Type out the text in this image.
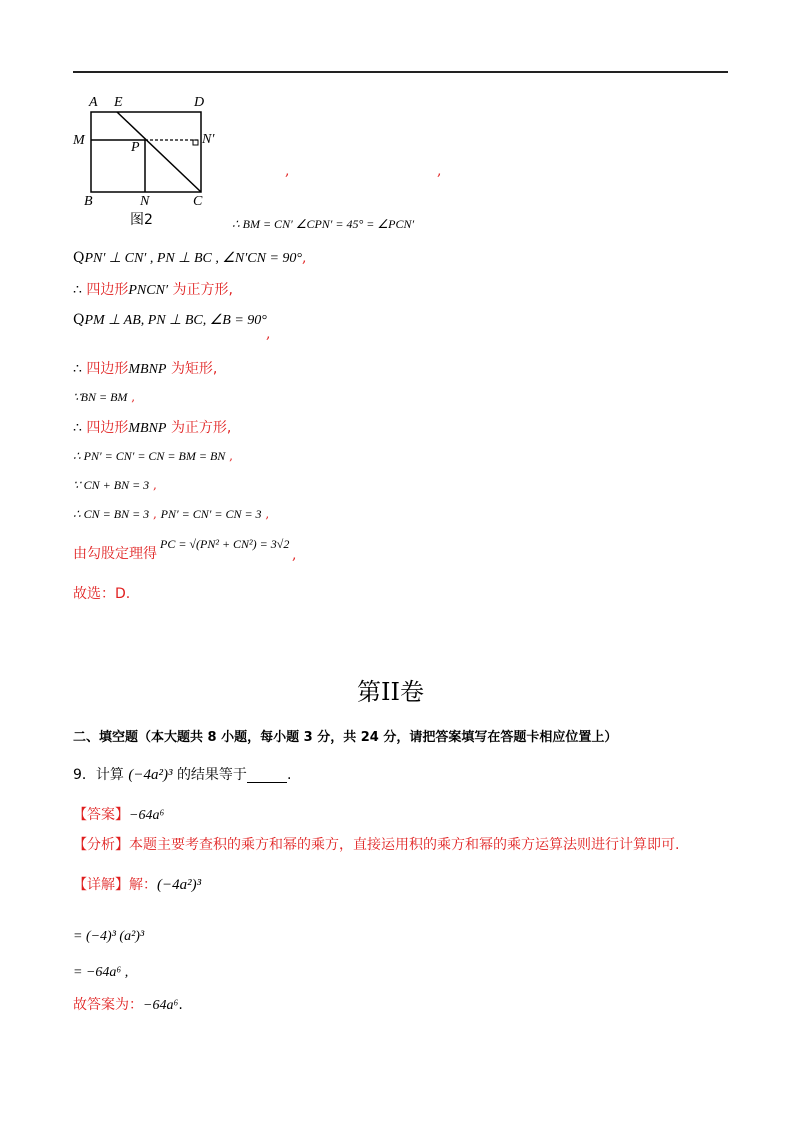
A E	D
M	P
N′
B	N	C
图2
,	,
∴ BM = CN′ ∠CPN′ = 45° = ∠PCN′
QPN′ ⊥ CN′ , PN ⊥ BC , ∠N′CN = 90°,
∴ 四边形PNCN′ 为正方形,
QPM ⊥ AB, PN ⊥ BC, ∠B = 90°
,
∴ 四边形MBNP 为矩形,
∵BN = BM ,
∴ 四边形MBNP 为正方形,
∴ PN′ = CN′ = CN = BM = BN ,
∵ CN + BN = 3 ,
∴ CN = BN = 3 , PN′ = CN′ = CN = 3 ,
由勾股定理得
PC = √(PN² + CN²) = 3√2
,
故选：D.
第II卷
二、填空题（本大题共 8 小题，每小题 3 分，共 24 分，请把答案填写在答题卡相应位置上）
9．计算 (−4a²)³ 的结果等于	.
【答案】−64a⁶
【分析】本题主要考查积的乘方和幂的乘方，直接运用积的乘方和幂的乘方运算法则进行计算即可.
【详解】解：(−4a²)³
= (−4)³ (a²)³
= −64a⁶ ,
故答案为：−64a⁶.
